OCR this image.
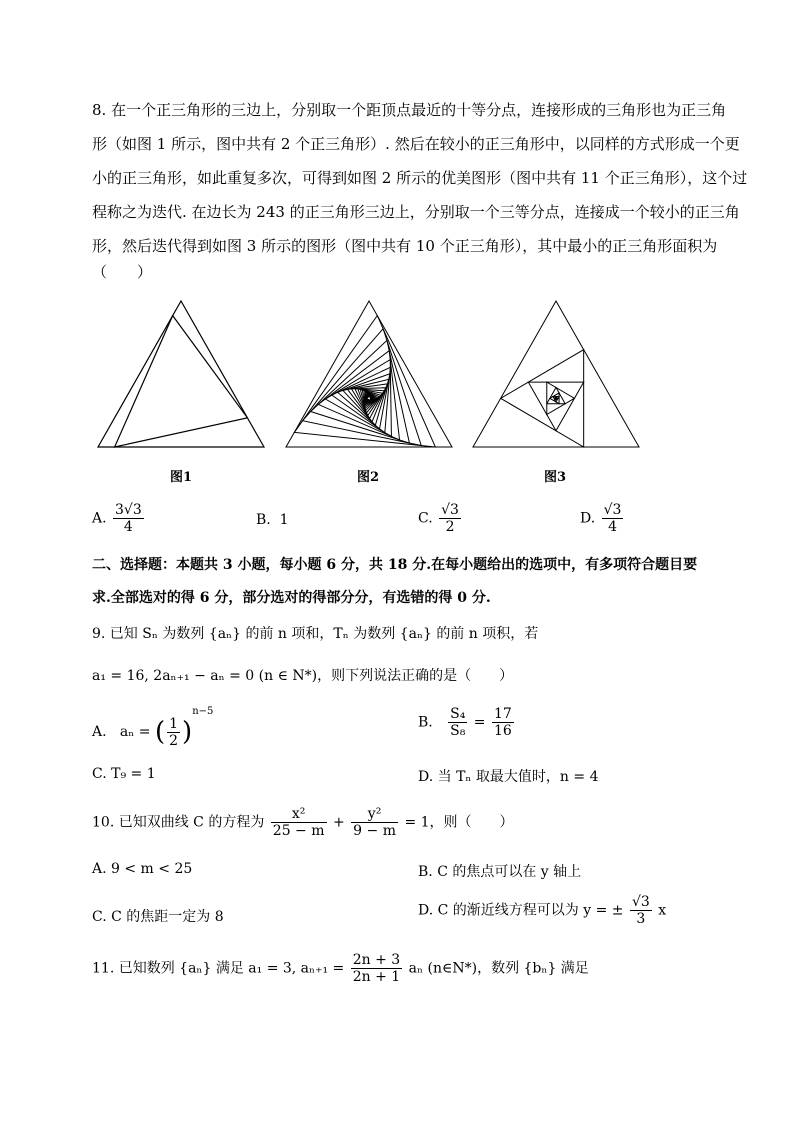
8. 在一个正三角形的三边上，分别取一个距顶点最近的十等分点，连接形成的三角形也为正三角
形（如图 1 所示，图中共有 2 个正三角形）. 然后在较小的正三角形中，以同样的方式形成一个更
小的正三角形，如此重复多次，可得到如图 2 所示的优美图形（图中共有 11 个正三角形），这个过
程称之为迭代. 在边长为 243 的正三角形三边上，分别取一个三等分点，连接成一个较小的正三角
形，然后迭代得到如图 3 所示的图形（图中共有 10 个正三角形），其中最小的正三角形面积为
（　　）
图1	图2	图3
A. $\frac{3√3}{4}$	B. 1	C. $\frac{√3}{2}$	D. $\frac{√3}{4}$
二、选择题：本题共 3 小题，每小题 6 分，共 18 分.在每小题给出的选项中，有多项符合题目要
求.全部选对的得 6 分，部分选对的得部分分，有选错的得 0 分.
9. 已知 Sₙ 为数列 {aₙ} 的前 n 项和，Tₙ 为数列 {aₙ} 的前 n 项积，若
a₁ = 16, 2aₙ₊₁ − aₙ = 0 (n ∈ N*)，则下列说法正确的是（　　）
A. aₙ = ( $\frac{1}{2} )^{n-5}$
B. $\frac{\text{S₄}}{\text{S₈}} = \frac{17}{16}$
C. T₉ = 1	D. 当 Tₙ 取最大值时，n = 4
10. 已知双曲线 C 的方程为 $\frac{\text{x²}}{25 - m} + \frac{\text{y²}}{9 - m} = 1$，则（　　）
A. 9 < m < 25	B. C 的焦点可以在 y 轴上
C. C 的焦距一定为 8	D. C 的渐近线方程可以为 y = ± $\frac{√3}{3}$ x
11. 已知数列 {aₙ} 满足 a₁ = 3, $a_{n+1} = \frac{2n + 3}{2n + 1}$ aₙ (n∈N*)，数列 {bₙ} 满足
